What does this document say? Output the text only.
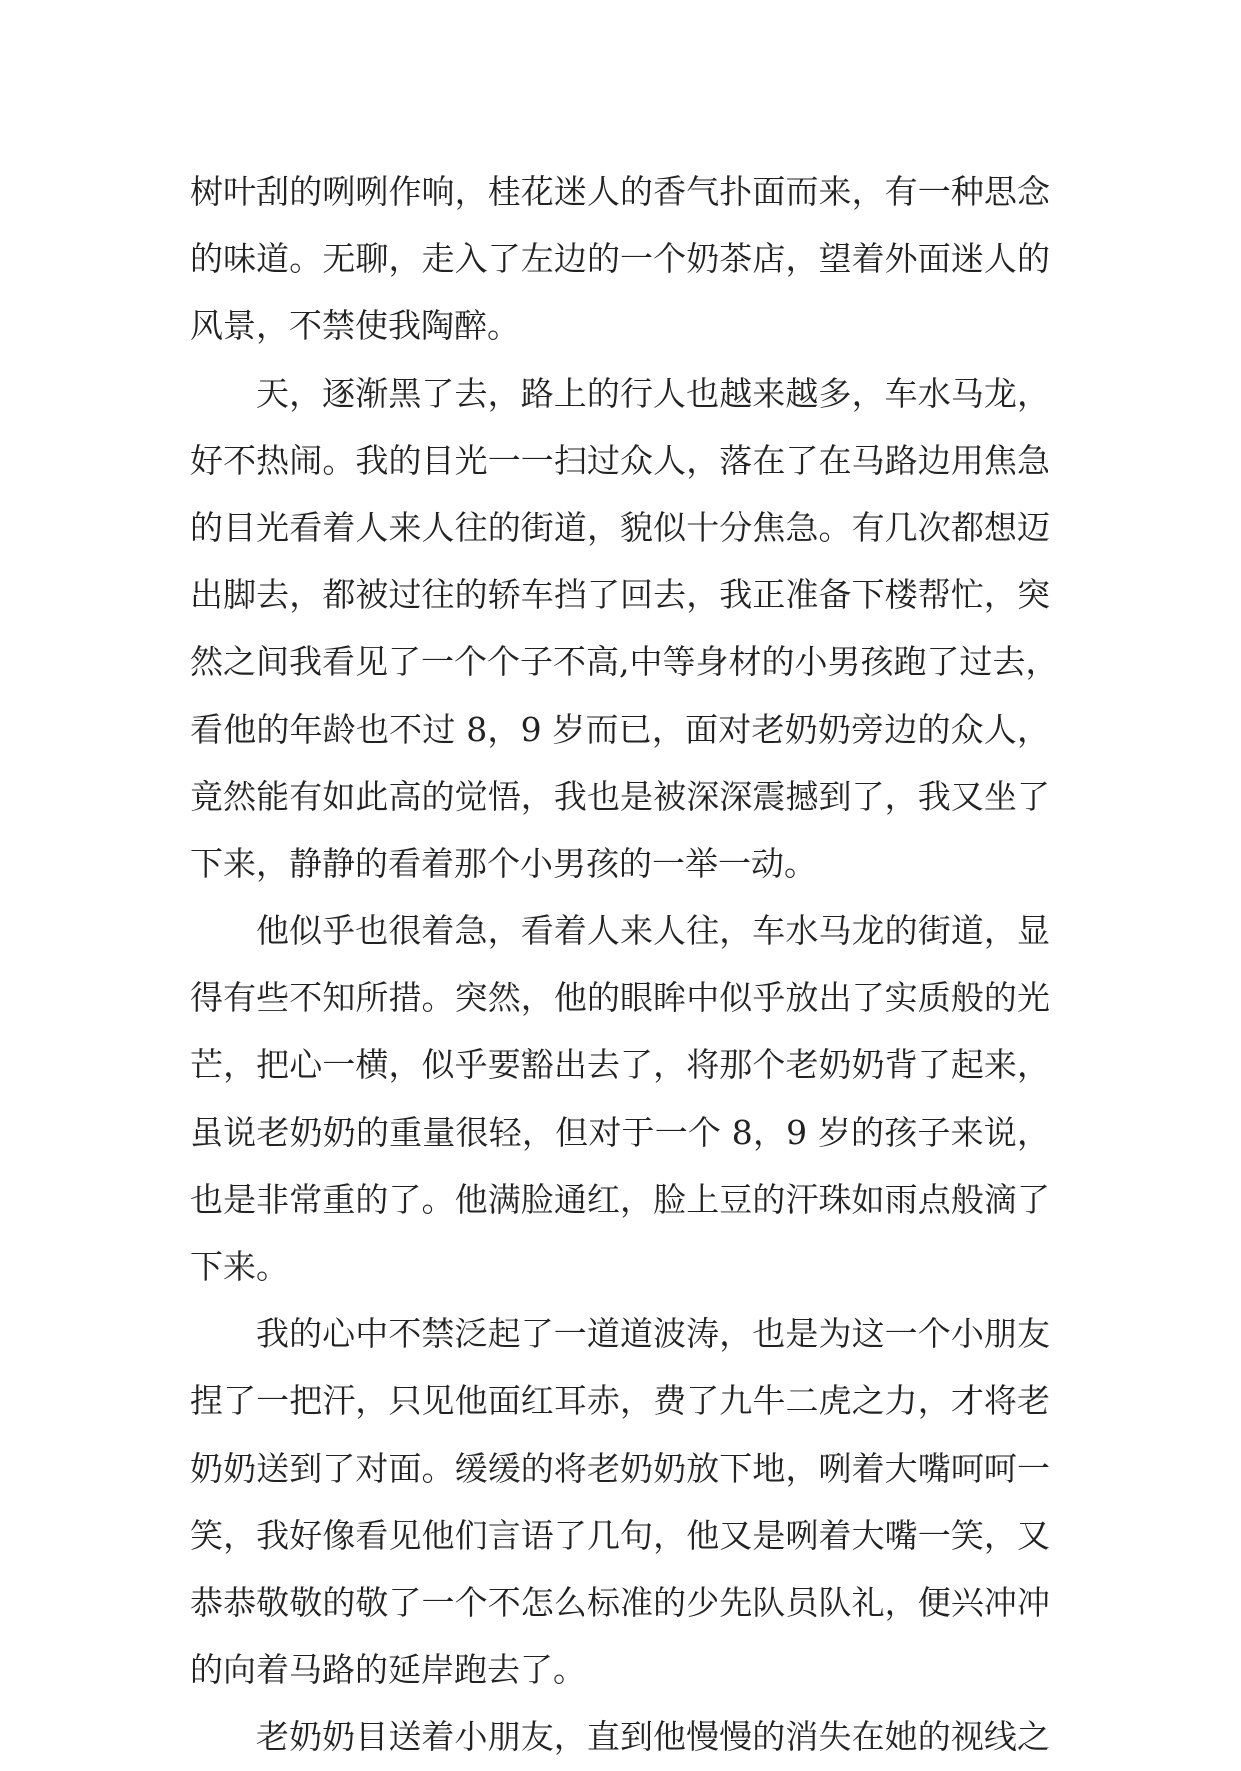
树叶刮的咧咧作响，桂花迷人的香气扑面而来，有一种思念
的味道。无聊，走入了左边的一个奶茶店，望着外面迷人的
风景，不禁使我陶醉。
天，逐渐黑了去，路上的行人也越来越多，车水马龙，
好不热闹。我的目光一一扫过众人，落在了在马路边用焦急
的目光看着人来人往的街道，貌似十分焦急。有几次都想迈
出脚去，都被过往的轿车挡了回去，我正准备下楼帮忙，突
然之间我看见了一个个子不高,中等身材的小男孩跑了过去，
看他的年龄也不过 8，9 岁而已，面对老奶奶旁边的众人，
竟然能有如此高的觉悟，我也是被深深震撼到了，我又坐了
下来，静静的看着那个小男孩的一举一动。
他似乎也很着急，看着人来人往，车水马龙的街道，显
得有些不知所措。突然，他的眼眸中似乎放出了实质般的光
芒，把心一横，似乎要豁出去了，将那个老奶奶背了起来，
虽说老奶奶的重量很轻，但对于一个 8，9 岁的孩子来说，
也是非常重的了。他满脸通红，脸上豆的汗珠如雨点般滴了
下来。
我的心中不禁泛起了一道道波涛，也是为这一个小朋友
捏了一把汗，只见他面红耳赤，费了九牛二虎之力，才将老
奶奶送到了对面。缓缓的将老奶奶放下地，咧着大嘴呵呵一
笑，我好像看见他们言语了几句，他又是咧着大嘴一笑，又
恭恭敬敬的敬了一个不怎么标准的少先队员队礼，便兴冲冲
的向着马路的延岸跑去了。
老奶奶目送着小朋友，直到他慢慢的消失在她的视线之
